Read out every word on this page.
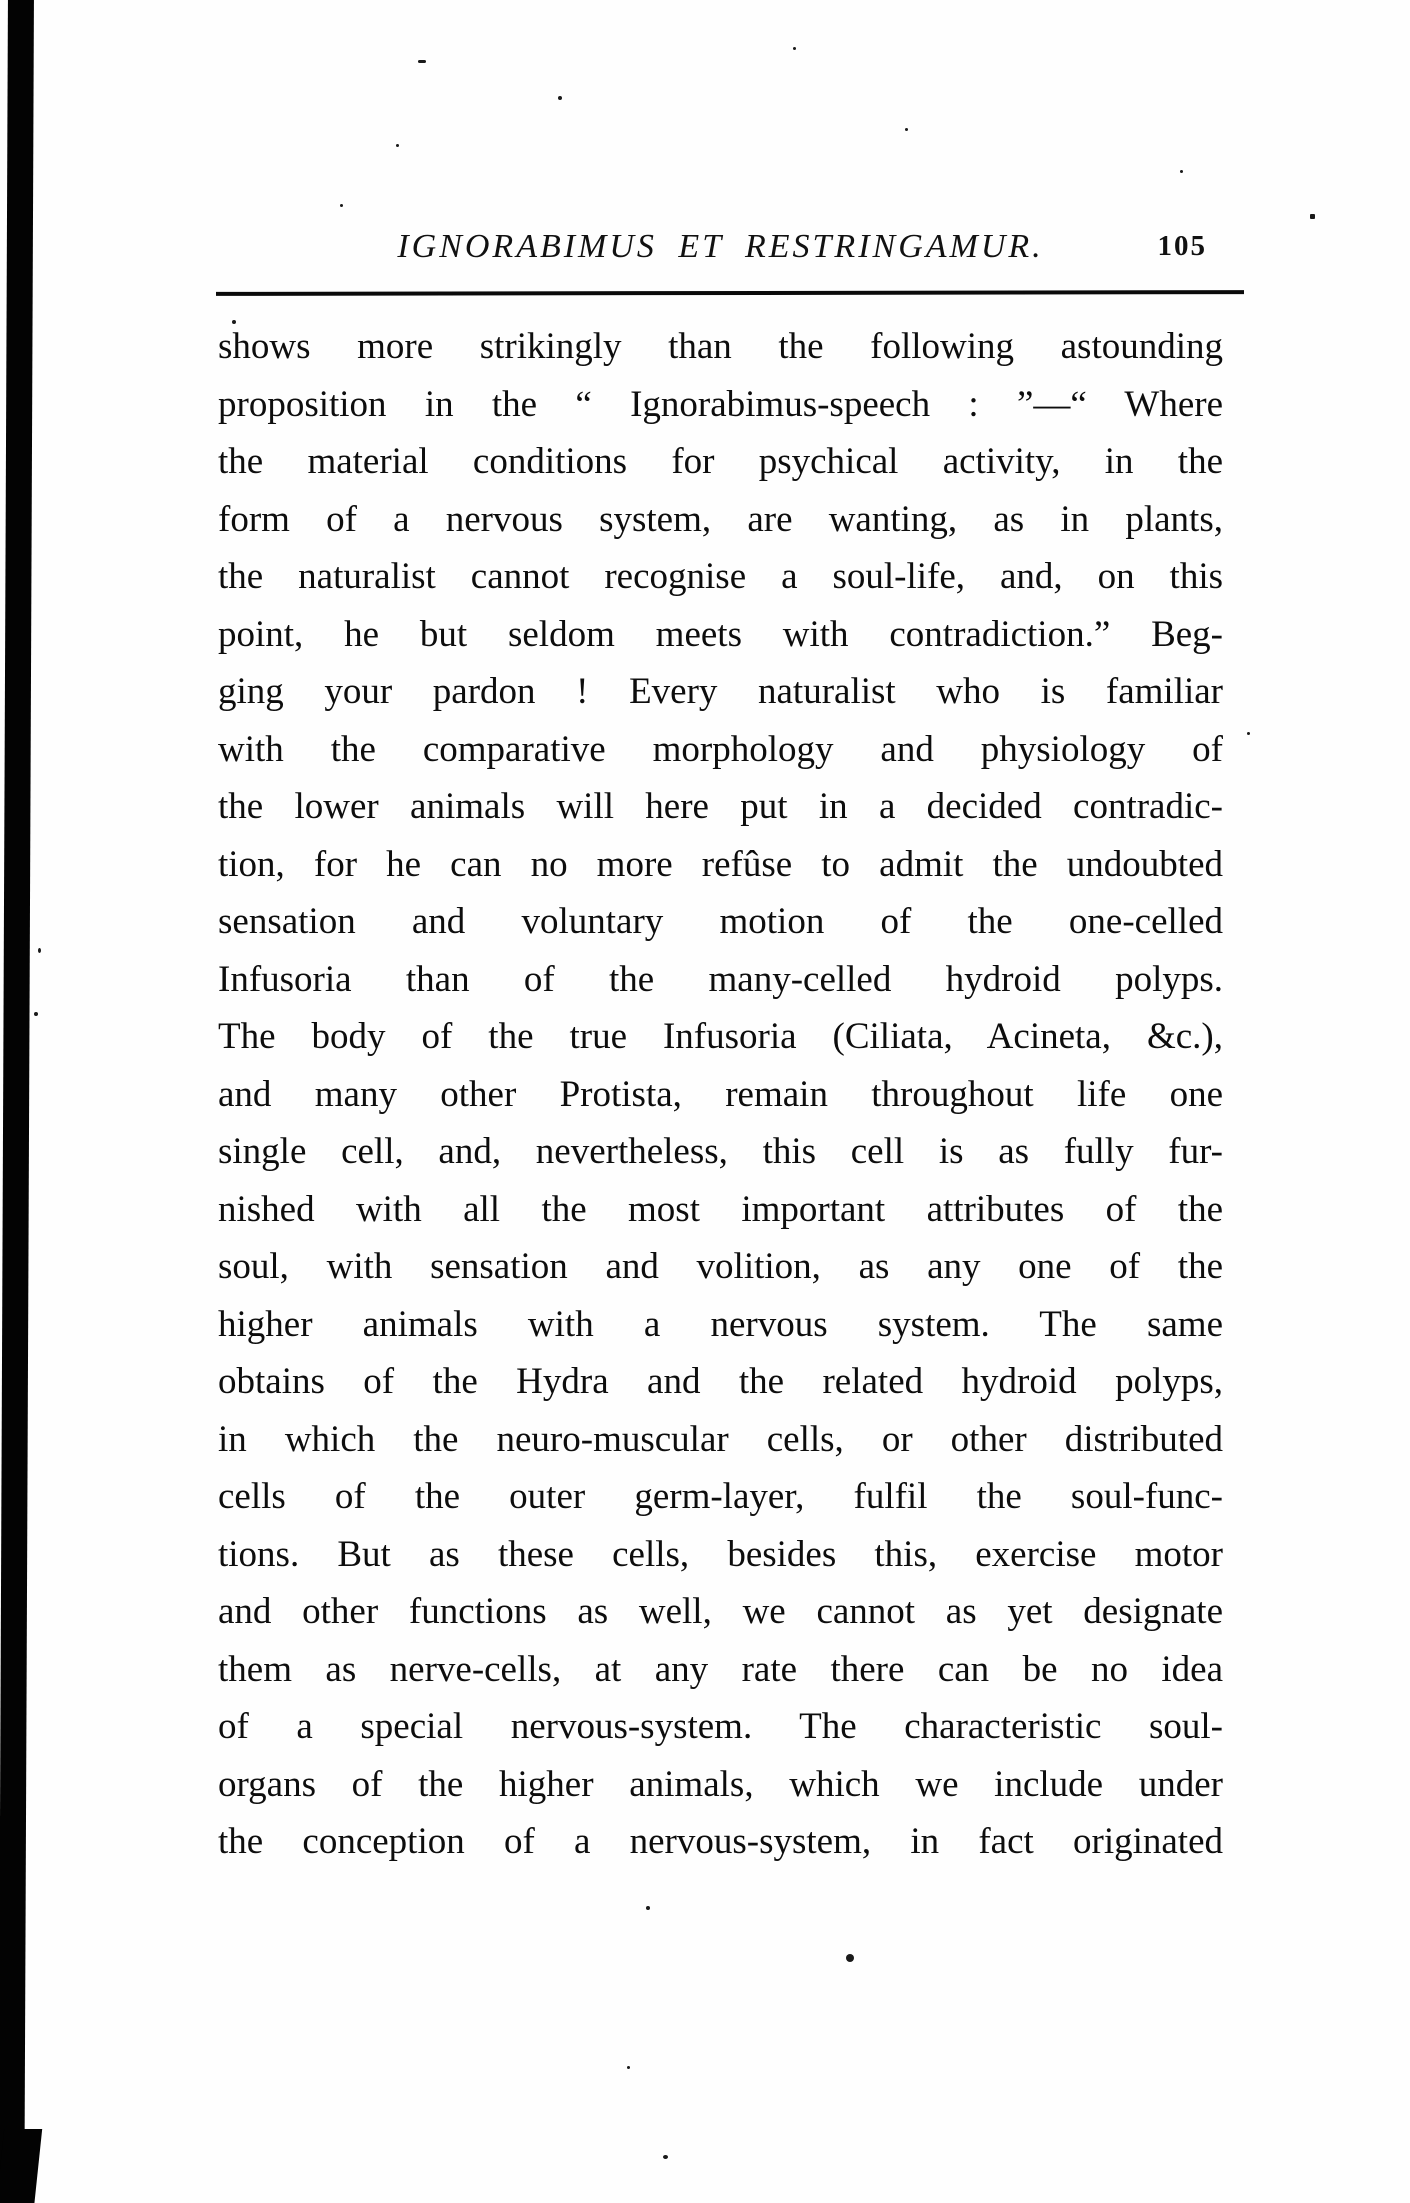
IGNORABIMUS ET RESTRINGAMUR.	105
shows more strikingly than the following astounding
proposition in the “ Ignorabimus-speech : ”—“ Where
the material conditions for psychical activity, in the
form of a nervous system, are wanting, as in plants,
the naturalist cannot recognise a soul-life, and, on this
point, he but seldom meets with contradiction.” Beg-
ging your pardon ! Every naturalist who is familiar
with the comparative morphology and physiology of
the lower animals will here put in a decided contradic-
tion, for he can no more refûse to admit the undoubted
sensation and voluntary motion of the one-celled
Infusoria than of the many-celled hydroid polyps.
The body of the true Infusoria (Ciliata, Acineta, &c.),
and many other Protista, remain throughout life one
single cell, and, nevertheless, this cell is as fully fur-
nished with all the most important attributes of the
soul, with sensation and volition, as any one of the
higher animals with a nervous system. The same
obtains of the Hydra and the related hydroid polyps,
in which the neuro-muscular cells, or other distributed
cells of the outer germ-layer, fulfil the soul-func-
tions. But as these cells, besides this, exercise motor
and other functions as well, we cannot as yet designate
them as nerve-cells, at any rate there can be no idea
of a special nervous-system. The characteristic soul-
organs of the higher animals, which we include under
the conception of a nervous-system, in fact originated
